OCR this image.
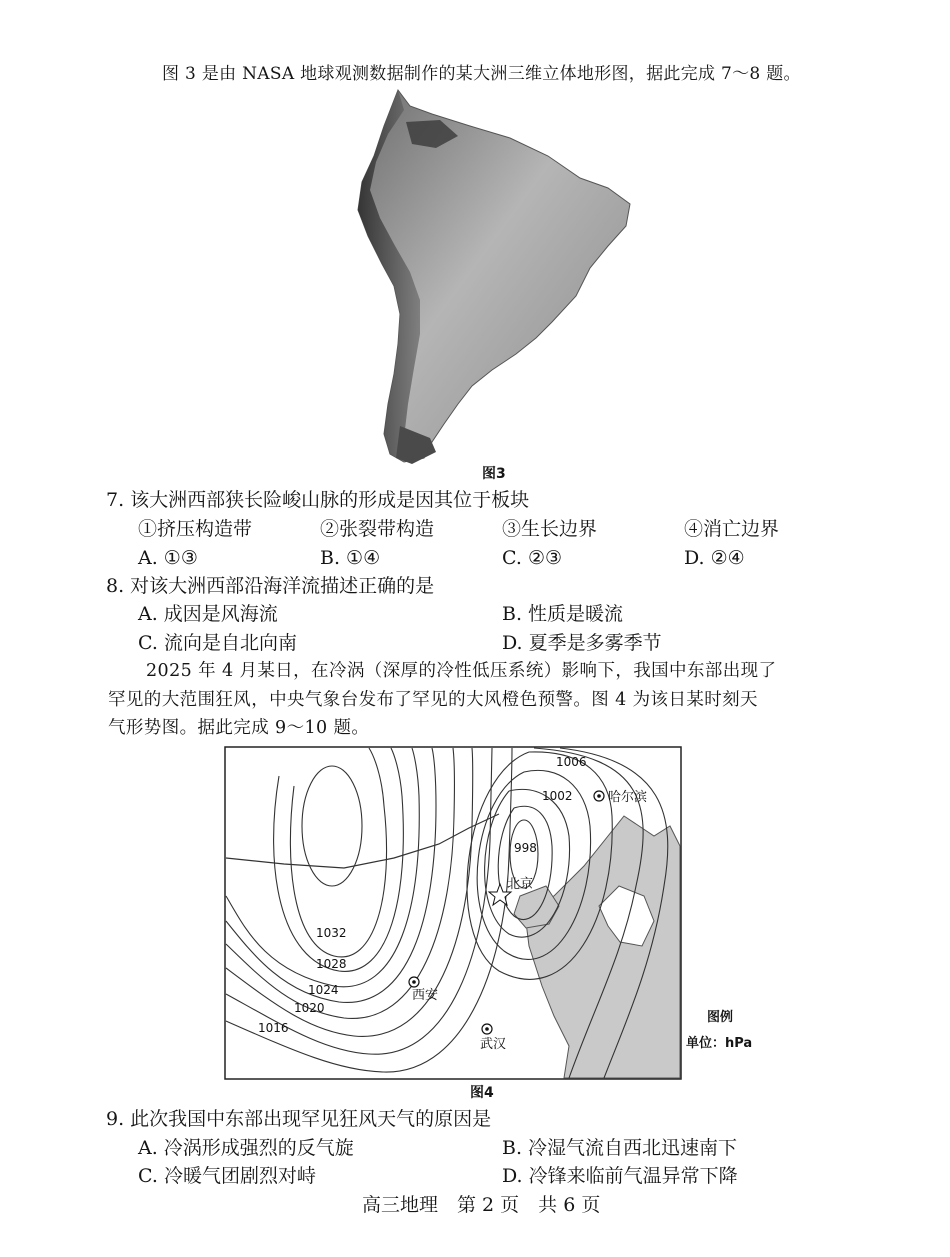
图 3 是由 NASA 地球观测数据制作的某大洲三维立体地形图，据此完成 7～8 题。
图3
7. 该大洲西部狭长险峻山脉的形成是因其位于板块
①挤压构造带	②张裂带构造	③生长边界	④消亡边界
A. ①③	B. ①④	C. ②③	D. ②④
8. 对该大洲西部沿海洋流描述正确的是
A. 成因是风海流	B. 性质是暖流
C. 流向是自北向南	D. 夏季是多雾季节
2025 年 4 月某日，在冷涡（深厚的冷性低压系统）影响下，我国中东部出现了
罕见的大范围狂风，中央气象台发布了罕见的大风橙色预警。图 4 为该日某时刻天
气形势图。据此完成 9～10 题。
1006
1002
998
1032
1028
1024
1020
1016
哈尔滨
北京
西安
武汉
图例
单位：hPa
图4
9. 此次我国中东部出现罕见狂风天气的原因是
A. 冷涡形成强烈的反气旋	B. 冷湿气流自西北迅速南下
C. 冷暖气团剧烈对峙	D. 冷锋来临前气温异常下降
高三地理　第 2 页　共 6 页
